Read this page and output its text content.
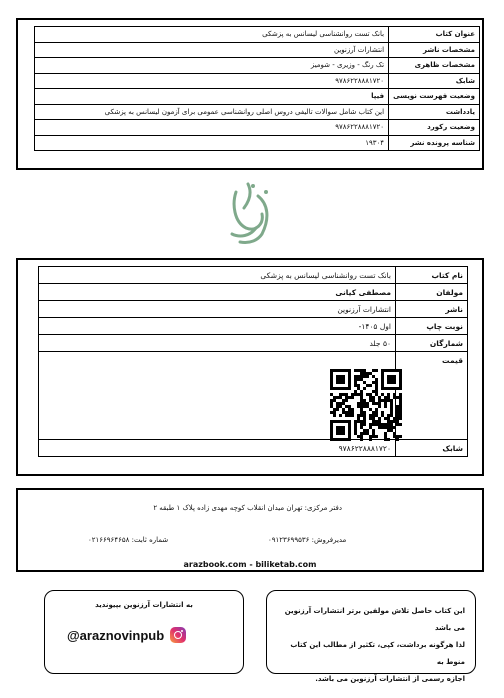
عنوان کتاب	بانک تست روانشناسی لیسانس به پزشکی
مشخصات ناشر	انتشارات آرزنوین
مشخصات ظاهری	تک رنگ - وزیری - شومیز
شابک	۹۷۸۶۲۲۸۸۸۱۷۲۰
وضعیت فهرست نویسی	فیپا
یادداشت	این کتاب شامل سوالات تالیفی دروس اصلی روانشناسی عمومی برای آزمون لیسانس به پزشکی
وضعیت رکورد	۹۷۸۶۲۲۸۸۸۱۷۲۰
شناسه پرونده نشر	۱۹۳۰۴
نام کتاب	بانک تست روانشناسی لیسانس به پزشکی
مولفان	مصطفی کیانی
ناشر	انتشارات آرزنوین
نوبت چاپ	اول ۱۴۰۵-
شمارگان	۵۰ جلد
قیمت	
شابک	۹۷۸۶۲۲۸۸۸۱۷۲۰
دفتر مرکزی: تهران میدان انقلاب کوچه مهدی زاده پلاک ۱ طبقه ۲
مدیرفروش: ۰۹۱۲۳۶۹۹۵۳۶
شماره ثابت: ۰۲۱۶۶۹۶۴۶۵۸
arazbook.com - biliketab.com
به انتشارات آرزنوین بپیوندید
@araznovinpub
این کتاب حاصل تلاش مولفین برتر انتشارات آرزنوین می باشد
لذا هرگونه برداشت، کپی، تکثیر از مطالب این کتاب منوط به
اجازه رسمی از انتشارات آرزنوین می باشد.
